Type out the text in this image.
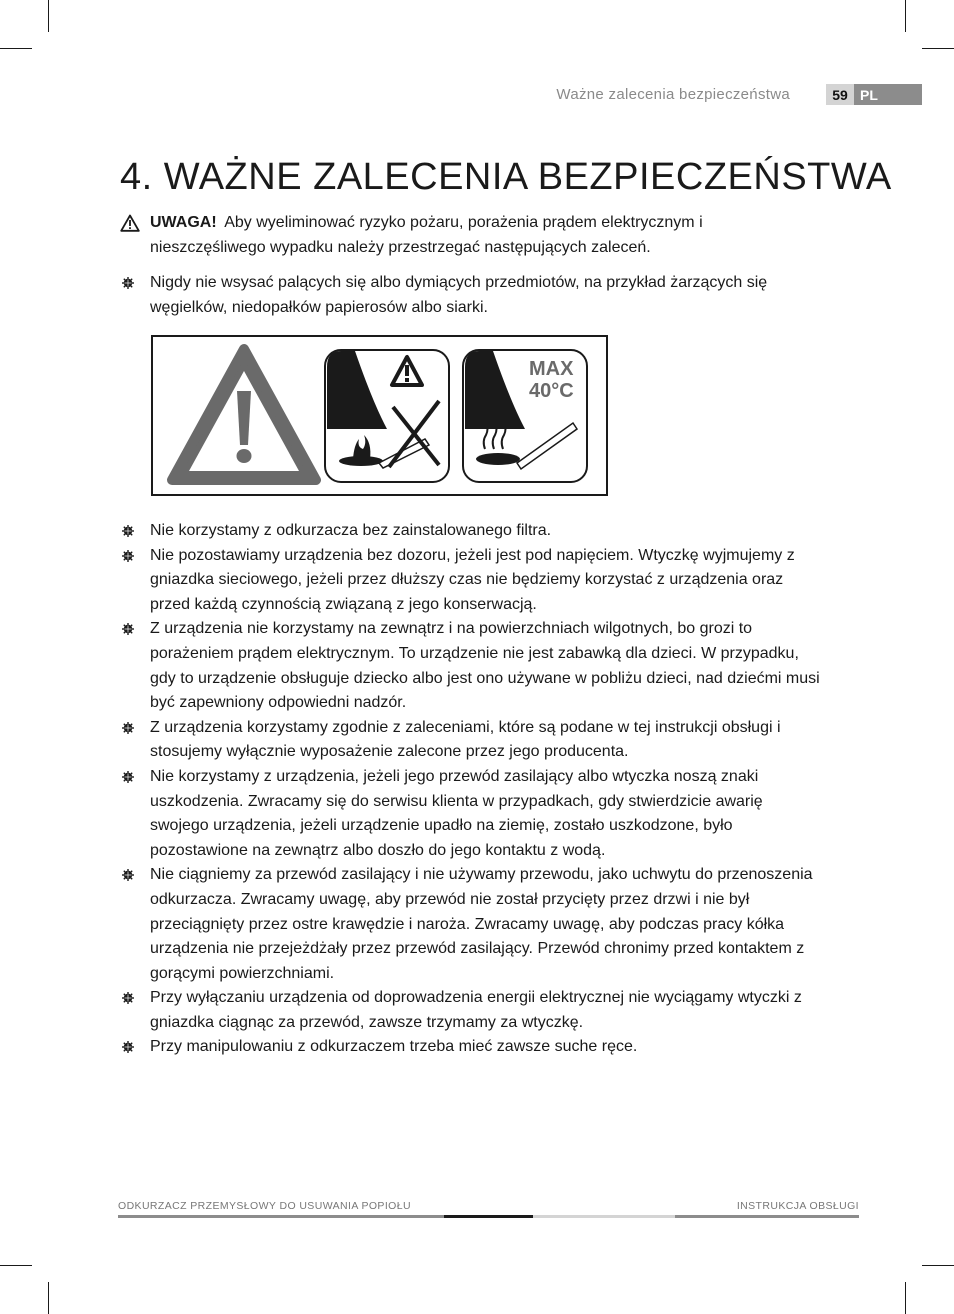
Ważne zalecenia bezpieczeństwa	59 PL
4. WAŻNE ZALECENIA BEZPIECZEŃSTWA
UWAGA! Aby wyeliminować ryzyko pożaru, porażenia prądem elektrycznym i nieszczęśliwego wypadku należy przestrzegać następujących zaleceń.
Nigdy nie wsysać palących się albo dymiących przedmiotów, na przykład żarzących się węgielków, niedopałków papierosów albo siarki.
MAX
40°C
Nie korzystamy z odkurzacza bez zainstalowanego filtra.
Nie pozostawiamy urządzenia bez dozoru, jeżeli jest pod napięciem. Wtyczkę wyjmujemy z gniazdka sieciowego, jeżeli przez dłuższy czas nie będziemy korzystać z urządzenia oraz przed każdą czynnością związaną z jego konserwacją.
Z urządzenia nie korzystamy na zewnątrz i na powierzchniach wilgotnych, bo grozi to porażeniem prądem elektrycznym. To urządzenie nie jest zabawką dla dzieci. W przypadku, gdy to urządzenie obsługuje dziecko albo jest ono używane w pobliżu dzieci, nad dziećmi musi być zapewniony odpowiedni nadzór.
Z urządzenia korzystamy zgodnie z zaleceniami, które są podane w tej instrukcji obsługi i stosujemy wyłącznie wyposażenie zalecone przez jego producenta.
Nie korzystamy z urządzenia, jeżeli jego przewód zasilający albo wtyczka noszą znaki uszkodzenia. Zwracamy się do serwisu klienta w przypadkach, gdy stwierdzicie awarię swojego urządzenia, jeżeli urządzenie upadło na ziemię, zostało uszkodzone, było pozostawione na zewnątrz albo doszło do jego kontaktu z wodą.
Nie ciągniemy za przewód zasilający i nie używamy przewodu, jako uchwytu do przenoszenia odkurzacza. Zwracamy uwagę, aby przewód nie został przycięty przez drzwi i nie był przeciągnięty przez ostre krawędzie i naroża. Zwracamy uwagę, aby podczas pracy kółka urządzenia nie przejeżdżały przez przewód zasilający. Przewód chronimy przed kontaktem z gorącymi powierzchniami.
Przy wyłączaniu urządzenia od doprowadzenia energii elektrycznej nie wyciągamy wtyczki z gniazdka ciągnąc za przewód, zawsze trzymamy za wtyczkę.
Przy manipulowaniu z odkurzaczem trzeba mieć zawsze suche ręce.
ODKURZACZ PRZEMYSŁOWY DO USUWANIA POPIOŁU	INSTRUKCJA OBSŁUGI
